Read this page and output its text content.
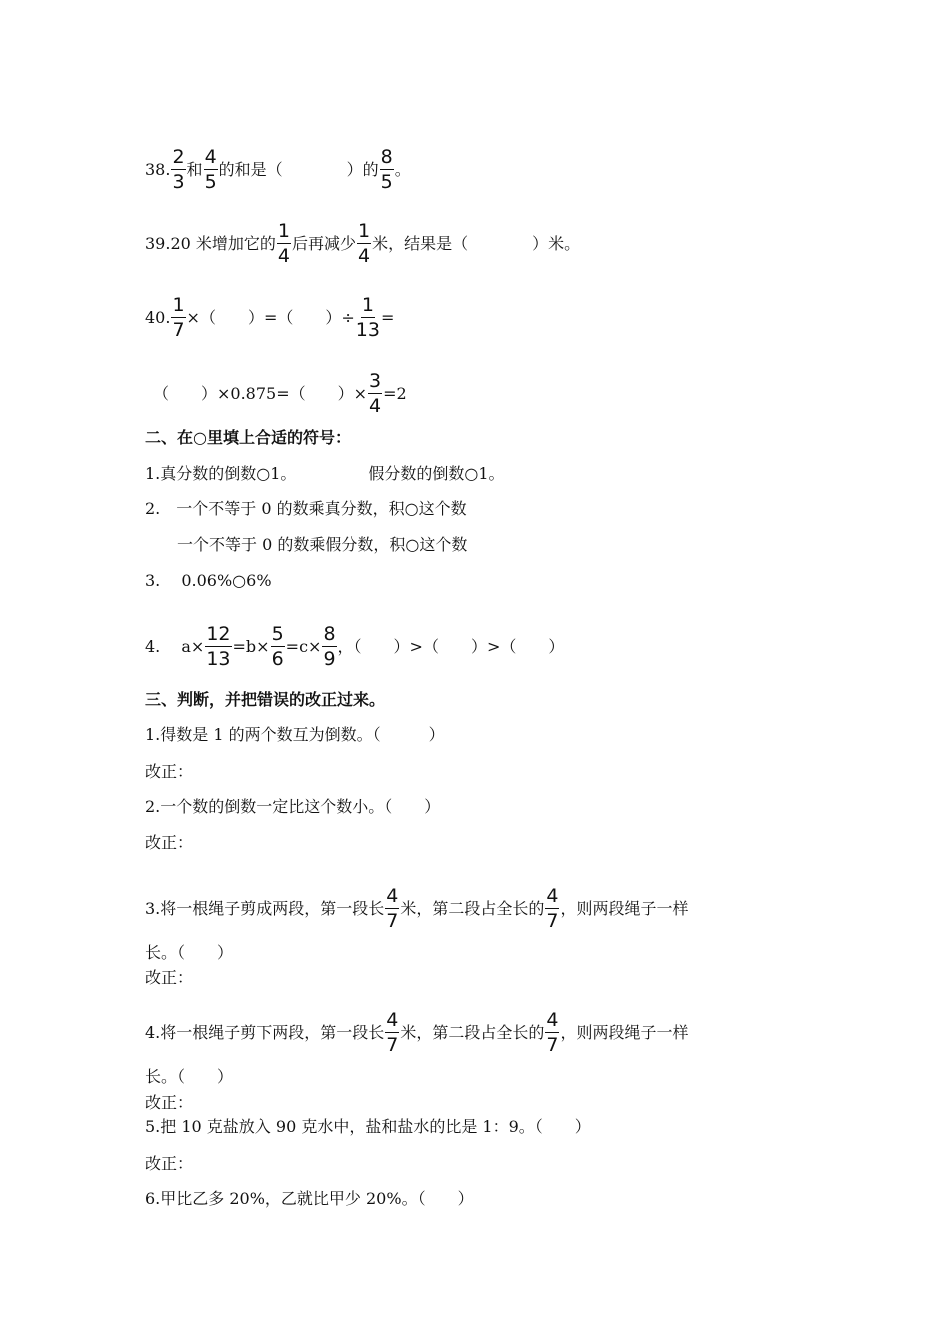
38. $\frac{2}{3}$ 和 $\frac{4}{5}$ 的和是（　　　　）的 $\frac{8}{5}$ 。
39.20 米增加它的 $\frac{1}{4}$ 后再减少 $\frac{1}{4}$ 米，结果是（　　　　）米。
40. $\frac{1}{7}$ ×（　　）=（　　）÷ $\frac{1}{13}$ =
　（　　）×0.875=（　　）× $\frac{3}{4} =2$
二、在○里填上合适的符号：
1.真分数的倒数○1。　　　　　假分数的倒数○1。
2.　一个不等于 0 的数乘真分数，积○这个数
　　一个不等于 0 的数乘假分数，积○这个数
3.　 0.06%○6%
4.　 $a\times \frac{12}{13} =b\times \frac{5}{6} =c\times \frac{8}{9}$ ，（　　）>（　　）>（　　）
三、判断，并把错误的改正过来。
1.得数是 1 的两个数互为倒数。（　　　）
改正：
2.一个数的倒数一定比这个数小。（　　）
改正：
3.将一根绳子剪成两段，第一段长 $\frac{4}{7}$ 米，第二段占全长的 $\frac{4}{7}$ ，则两段绳子一样
长。（　　）
改正：
4.将一根绳子剪下两段，第一段长 $\frac{4}{7}$ 米，第二段占全长的 $\frac{4}{7}$ ，则两段绳子一样
长。（　　）
改正：
5.把 10 克盐放入 90 克水中，盐和盐水的比是 1：9。（　　）
改正：
6.甲比乙多 20%，乙就比甲少 20%。（　　）
